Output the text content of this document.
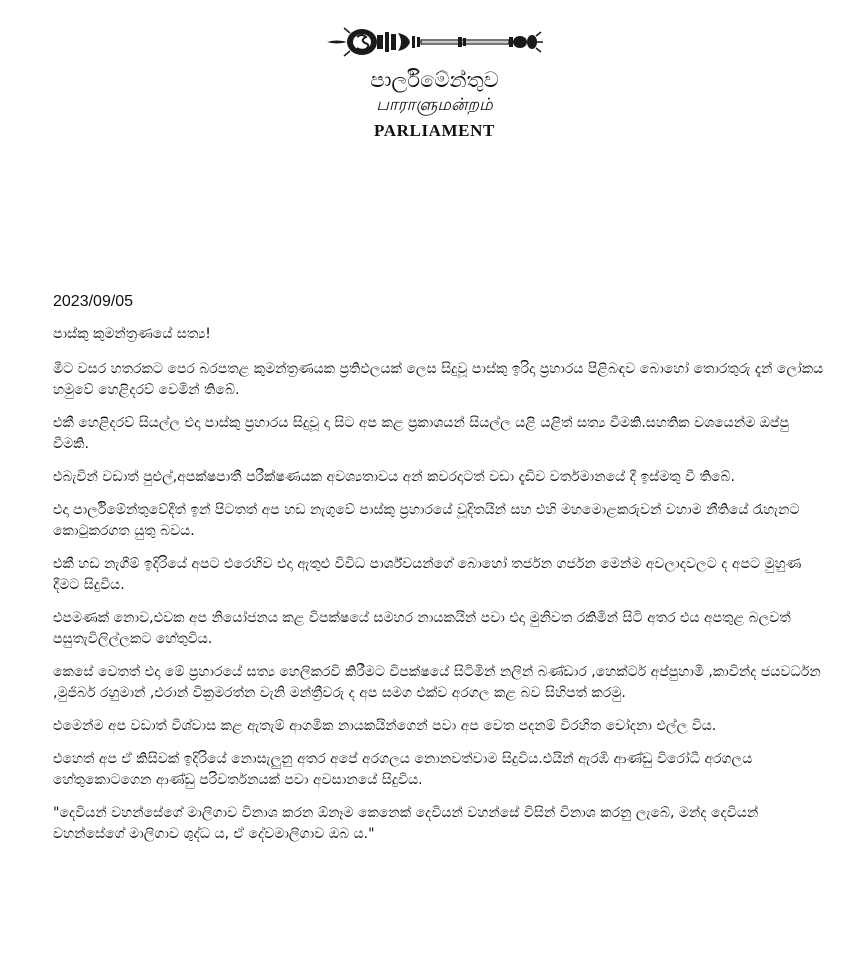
පාර්ලිමේන්තුව
பாராளுமன்றம்
PARLIAMENT
2023/09/05

පාස්කු කුමන්ත්‍රණයේ සත්‍ය!

මීට වසර හතරකට පෙර බරපතළ කුමන්ත්‍රණයක ප්‍රතිඵලයක් ලෙස සිදුවූ පාස්කු ඉරිදා ප්‍රහාරය පිළිබඳව බොහෝ තොරතුරු දැන් ලෝකය හමුවේ හෙළිදරව් වෙමින් තිබේ.

එකී හෙළිදරව් සියල්ල එදා පාස්කු ප්‍රහාරය සිදුවූ දා සිට අප කළ ප්‍රකාශයන් සියල්ල යළි යළිත් සත්‍ය වීමකි.සහතික වශයෙන්ම ඔප්පු වීමකි.

එබැවින් වඩාත් පුළුල්,අපක්ෂපාතී පරීක්ෂණයක අවශ්‍යතාවය අන් කවරදාටත් වඩා දැඩිව වර්තමානයේ දී ඉස්මතු වී තිබේ.

එදා පාර්ලිමේන්තුවේදීත් ඉන් පිටතත් අප හඩ නැගුවේ පාස්කු ප්‍රහාරයේ වූදිතයින් සහ එහි මහමොළකරුවන් වහාම නීතියේ රැහැනට කොටුකරගත යුතු බවය.

එකී හඩ නැගීම් ඉදිරියේ අපට එරෙහිව එදා ඇතුළු විවිධ පාර්ශ්වයන්ගේ බොහෝ තර්ජන ගර්ජන මෙන්ම අවලාදවලට ද අපට මුහුණ දීමට සිදුවිය.

එපමණක් නොව,එවක අප නියෝජනය කළ විපක්ෂයේ සමහර නායකයින් පවා එදා මුනිවත රකිමින් සිටි අතර එය අපතුළ බලවත් පසුතැවිලිල්ලකට හේතුවිය.

කෙසේ වෙතත් එදා මේ ප්‍රහාරයේ සත්‍ය හෙලිකරවි කිරීමට විපක්ෂයේ සිටිමින් නලින් බණ්ඩාර ,හෙක්ටර් අප්පුහාමි ,කාවින්ද ජයවර්ධන ,මුජිබර් රහුමාන් ,එරාන් වික්‍රමරත්න වැනි මන්ත්‍රීවරු ද අප සමග එක්ව අරගල කළ බව සිහිපත් කරමු.

එමෙන්ම අප වඩාත් විශ්වාස කළ ඇතැම් ආගමික නායකයින්ගෙන් පවා අප වෙත පදනම් විරහිත චෝදනා එල්ල විය.

එහෙත් අප ඒ කිසිවක් ඉදිරියේ නොසැලුනු අතර අපේ අරගලය නොනවත්වාම සිදුවිය.එයින් ඇරඹි ආණ්ඩු විරෝධී අරගලය හේතුකොටගෙන ආණ්ඩු පරිවර්තනයක් පවා අවසානයේ සිදුවිය.

"දෙවියන් වහන්සේගේ මාලිගාව විනාශ කරන ඕනෑම කෙනෙක් දෙවියන් වහන්සේ විසින් විනාශ කරනු ලැබේ, මන්ද දෙවියන් වහන්සේගේ මාලිගාව ශුද්ධ ය, ඒ දේවමාලිගාව ඔබ ය."
